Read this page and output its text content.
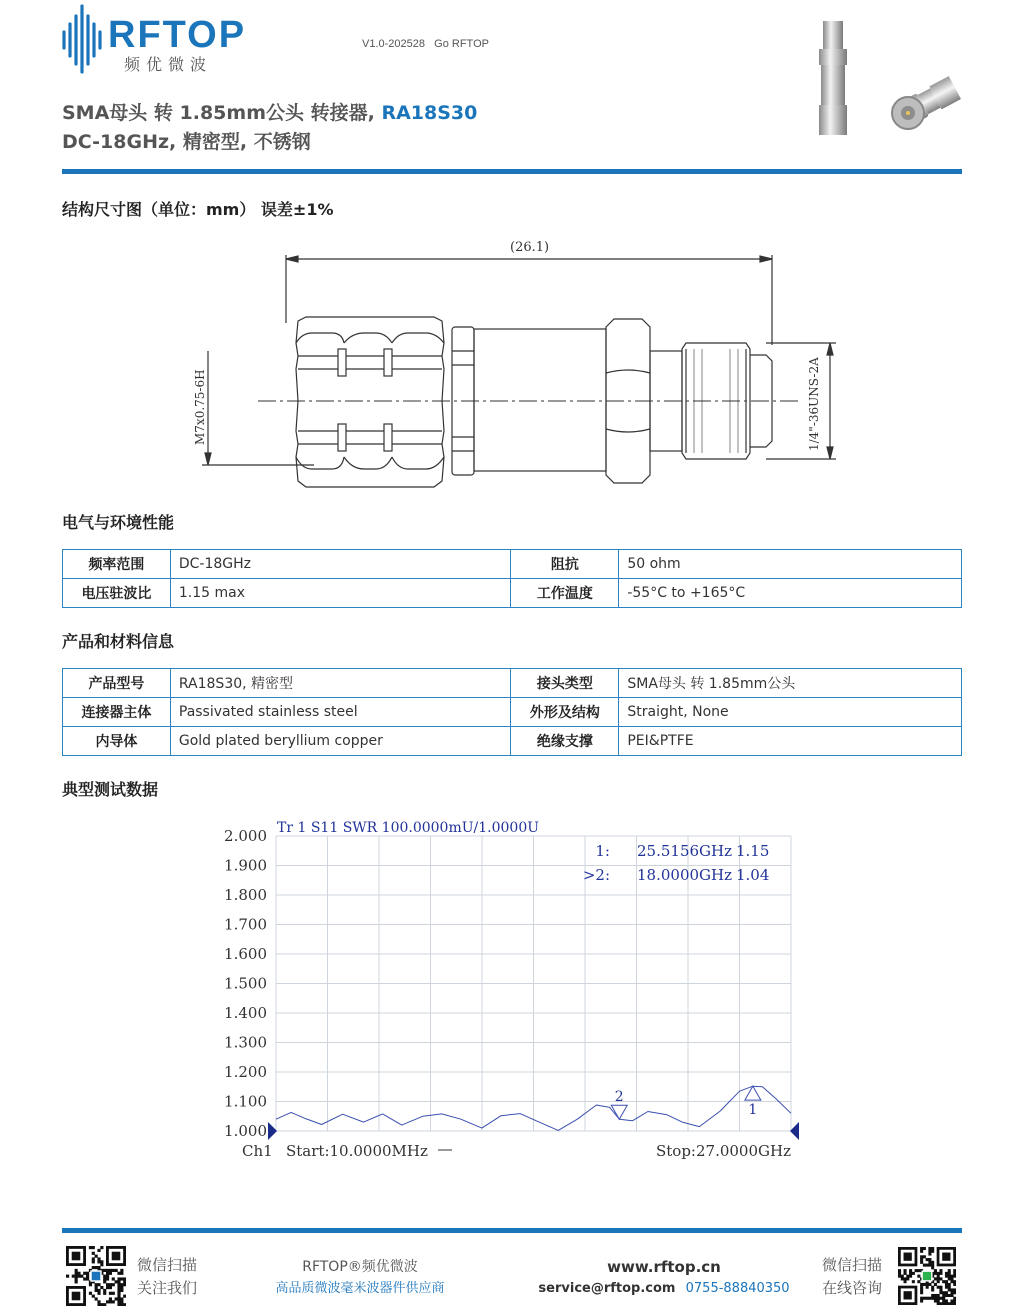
RFTOP
频优微波
V1.0-202528   Go RFTOP
SMA母头 转 1.85mm公头 转接器, RA18S30
DC-18GHz, 精密型, 不锈钢
结构尺寸图（单位：mm） 误差±1%
(26.1)
M7x0.75-6H	1/4"-36UNS-2A
电气与环境性能
频率范围	DC-18GHz	阻抗	50 ohm
电压驻波比	1.15 max	工作温度	-55°C to +165°C
产品和材料信息
产品型号	RA18S30, 精密型	接头类型	SMA母头 转 1.85mm公头
连接器主体	Passivated stainless steel	外形及结构	Straight, None
内导体	Gold plated beryllium copper	绝缘支撑	PEI&PTFE
典型测试数据
2.000
1.900
1.800
1.700
1.600
1.500
1.400
1.300
1.200
1.100
1.000
Tr 1 S11 SWR 100.0000mU/1.0000U
1: 25.5156GHz 1.15
>2: 18.0000GHz 1.04
1
2
Ch1 Start:10.0000MHz	Stop:27.0000GHz
微信扫描
关注我们
RFTOP®频优微波
高品质微波毫米波器件供应商
www.rftop.cn
service@rftop.com 0755-88840350
微信扫描
在线咨询
